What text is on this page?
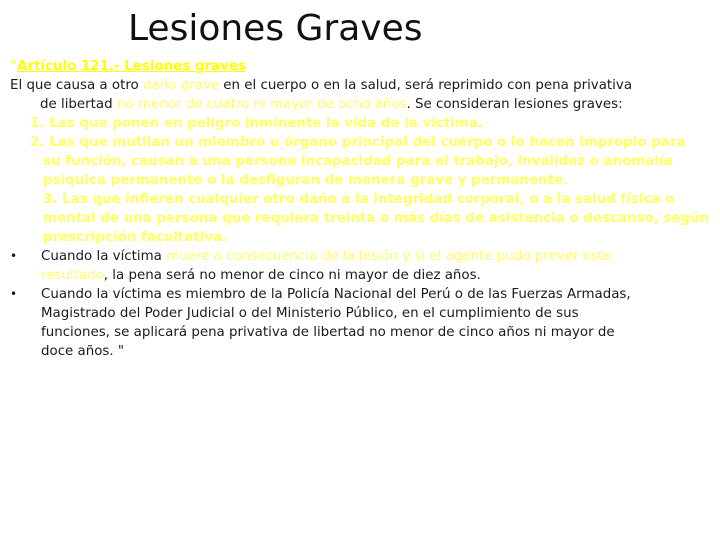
Lesiones Graves
"Artículo 121.- Lesiones graves
El que causa a otro daño grave en el cuerpo o en la salud, será reprimido con pena privativa
de libertad no menor de cuatro ni mayor de ocho años. Se consideran lesiones graves:
1. Las que ponen en peligro inminente la vida de la víctima.
2. Las que mutilan un miembro u órgano principal del cuerpo o lo hacen impropio para
su función, causan a una persona incapacidad para el trabajo, invalidez o anomalía
psíquica permanente o la desfiguran de manera grave y permanente.
3. Las que infieren cualquier otro daño a la integridad corporal, o a la salud física o
mental de una persona que requiera treinta o más días de asistencia o descanso, según
prescripción facultativa.
• Cuando la víctima muere a consecuencia de la lesión y si el agente pudo prever este
resultado, la pena será no menor de cinco ni mayor de diez años.
• Cuando la víctima es miembro de la Policía Nacional del Perú o de las Fuerzas Armadas,
Magistrado del Poder Judicial o del Ministerio Público, en el cumplimiento de sus
funciones, se aplicará pena privativa de libertad no menor de cinco años ni mayor de
doce años. "
